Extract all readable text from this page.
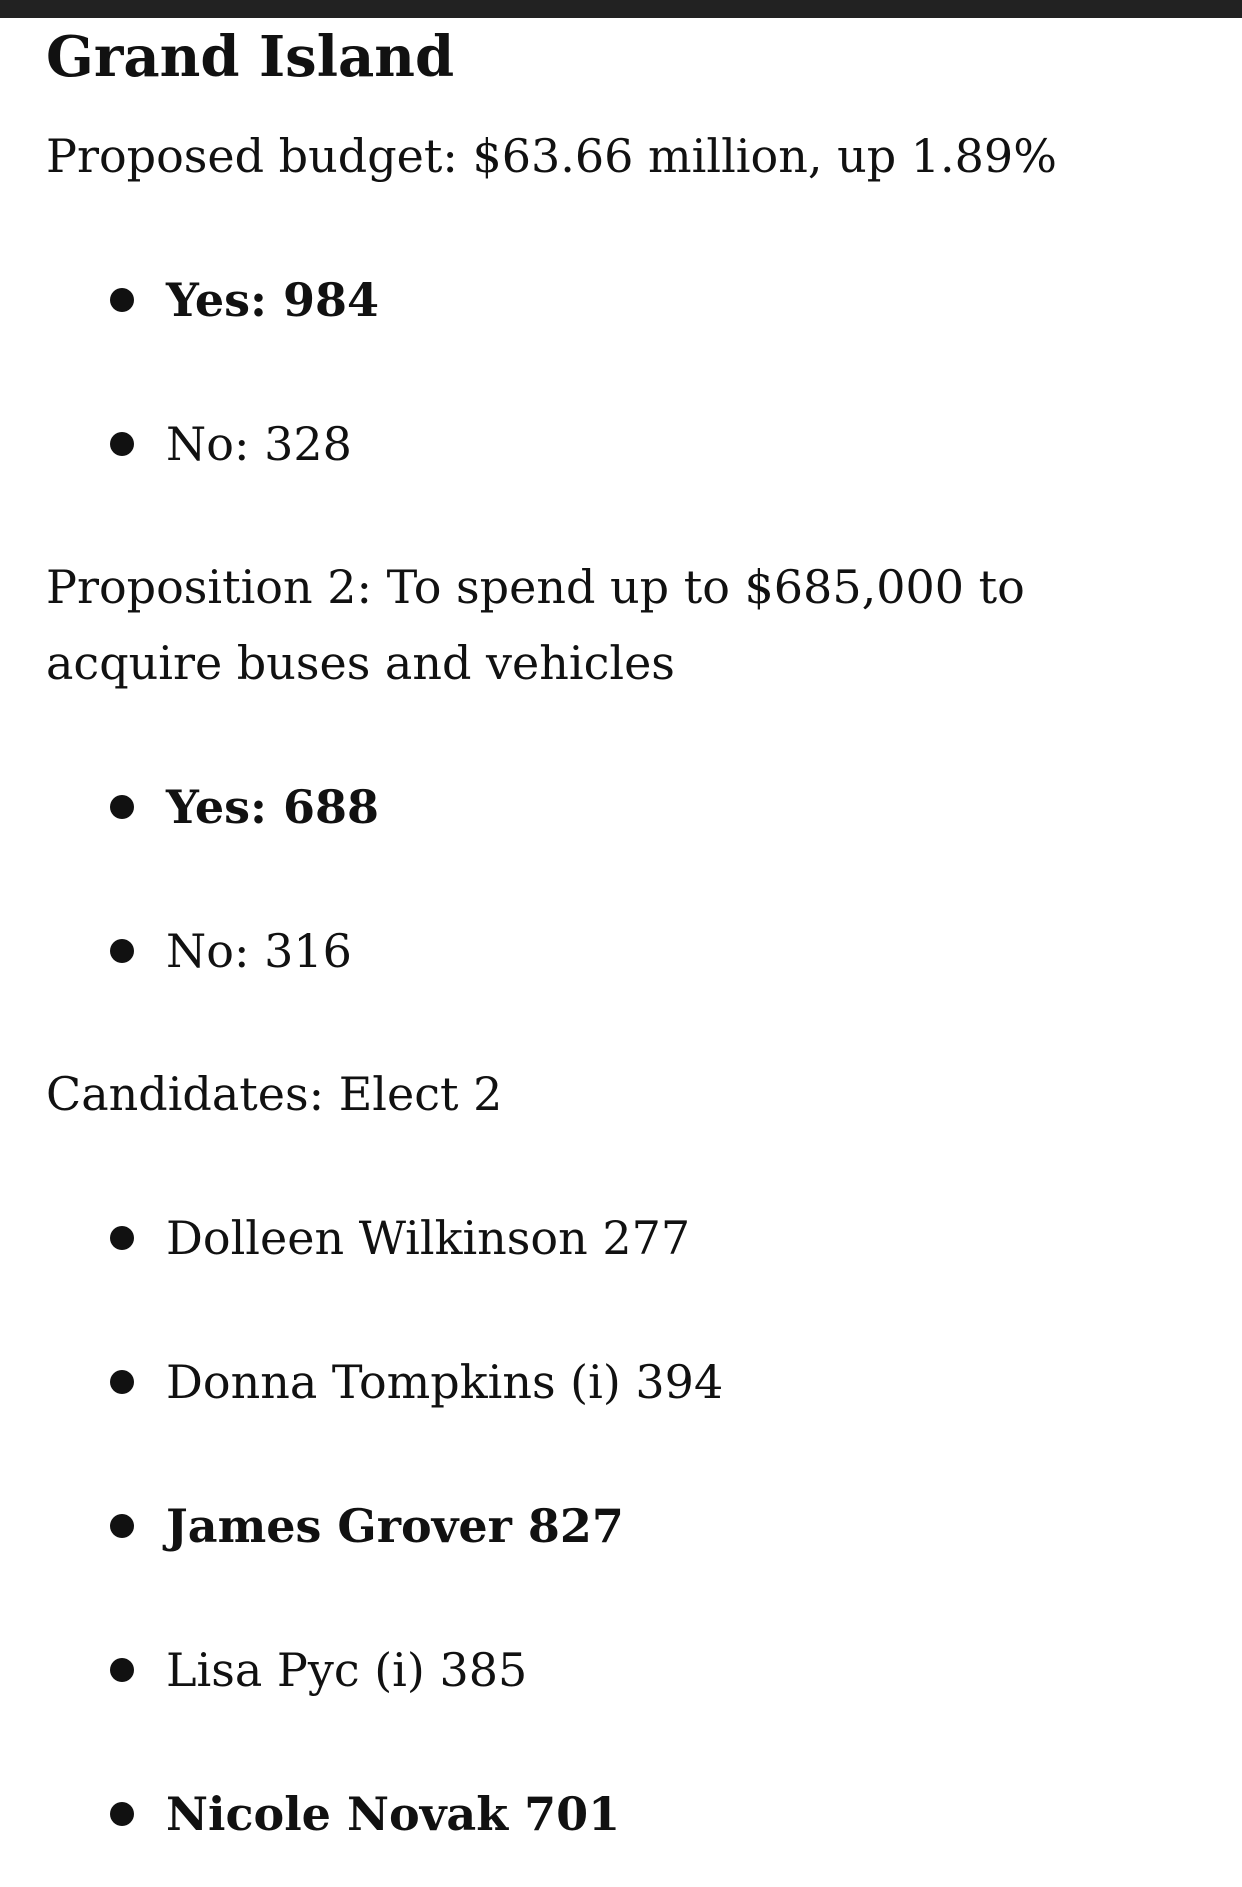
Grand Island

Proposed budget: $63.66 million, up 1.89%

Yes: 984
No: 328

Proposition 2: To spend up to $685,000 to acquire buses and vehicles

Yes: 688
No: 316

Candidates: Elect 2

Dolleen Wilkinson 277
Donna Tompkins (i) 394
James Grover 827
Lisa Pyc (i) 385
Nicole Novak 701
